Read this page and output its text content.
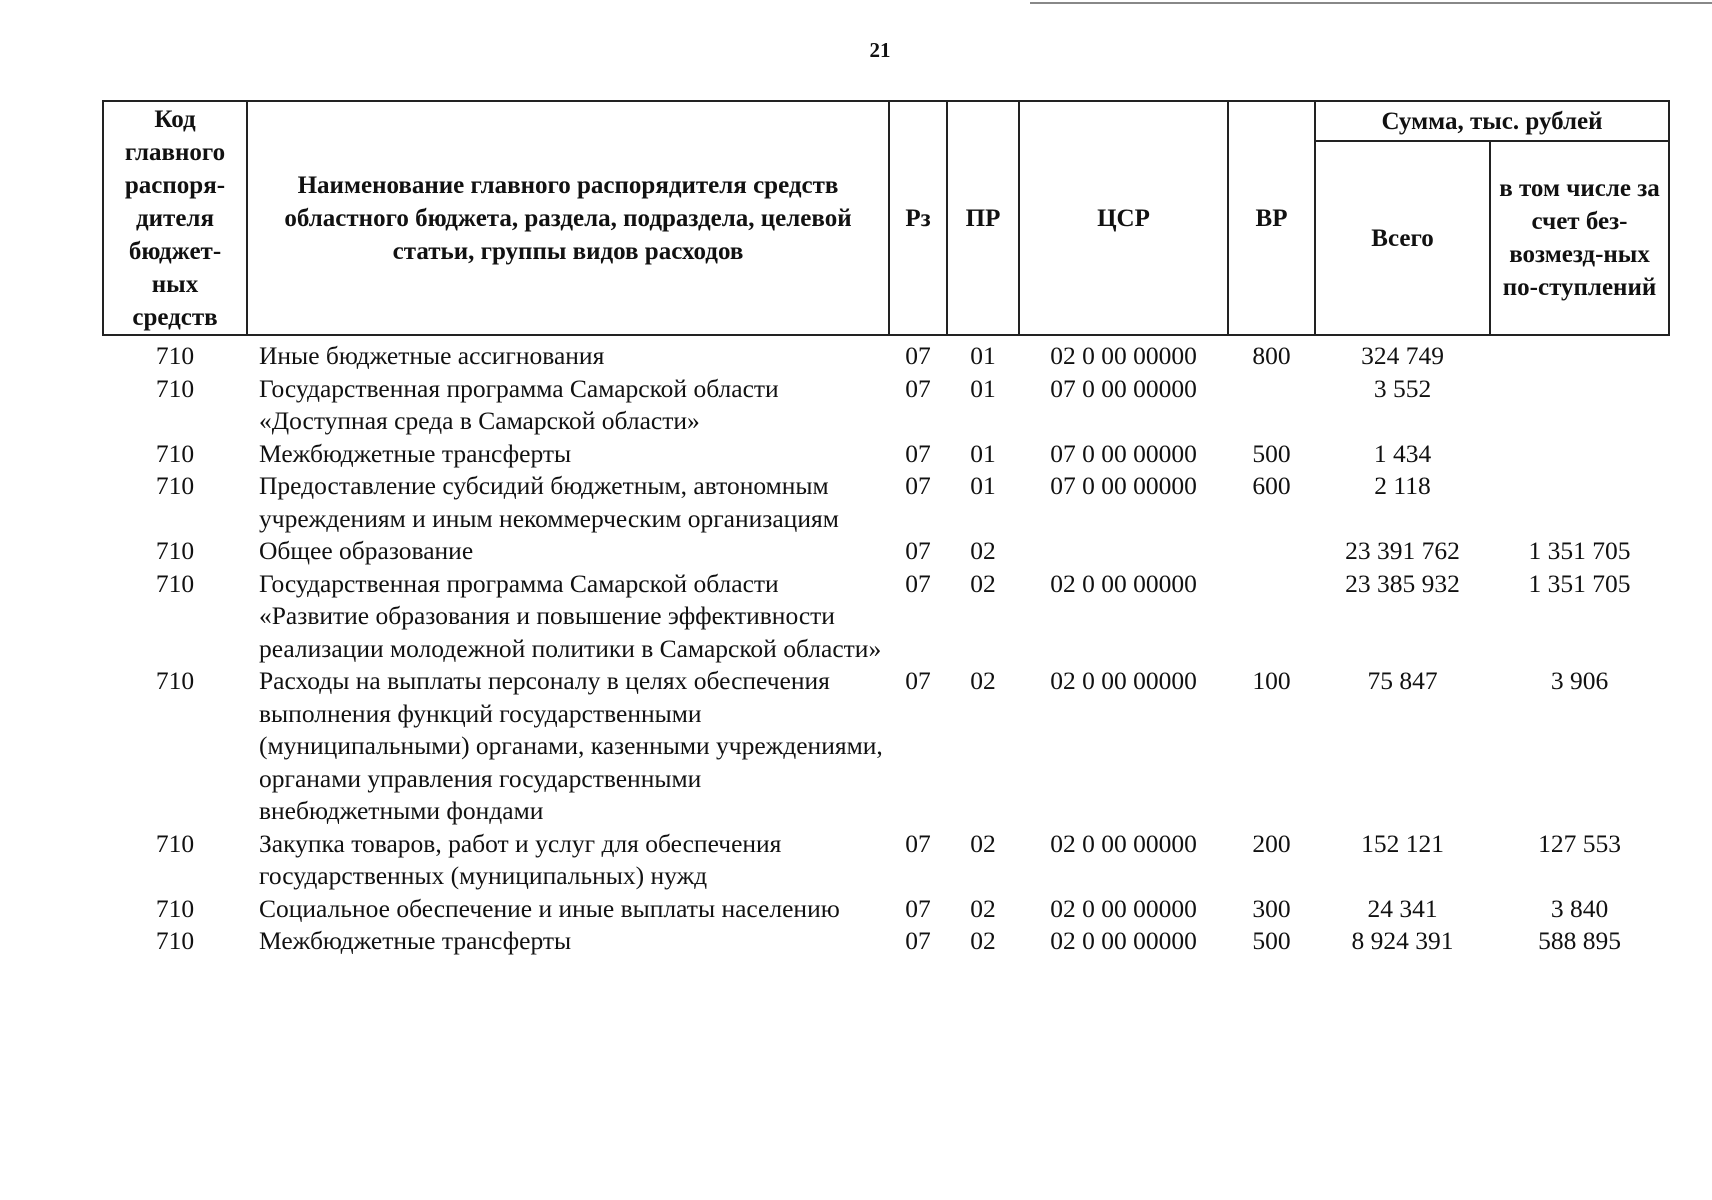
21
Код главного распоря-дителя бюджет-ных средств	Наименование главного распорядителя средств областного бюджета, раздела, подраздела, целевой статьи, группы видов расходов	Рз	ПР	ЦСР	ВР	Сумма, тыс. рублей	
						Всего	в том числе за счет без-возмезд-ных по-ступлений
710	Иные бюджетные ассигнования	07	01	02 0 00 00000	800	324 749	
710	Государственная программа Самарской области «Доступная среда в Самарской области»	07	01	07 0 00 00000		3 552	
710	Межбюджетные трансферты	07	01	07 0 00 00000	500	1 434	
710	Предоставление субсидий бюджетным, автономным учреждениям и иным некоммерческим организациям	07	01	07 0 00 00000	600	2 118	
710	Общее образование	07	02			23 391 762	1 351 705
710	Государственная программа Самарской области «Развитие образования и повышение эффективности реализации молодежной политики в Самарской области»	07	02	02 0 00 00000		23 385 932	1 351 705
710	Расходы на выплаты персоналу в целях обеспечения выполнения функций государственными (муниципальными) органами, казенными учреждениями, органами управления государственными внебюджетными фондами	07	02	02 0 00 00000	100	75 847	3 906
710	Закупка товаров, работ и услуг для обеспечения государственных (муниципальных) нужд	07	02	02 0 00 00000	200	152 121	127 553
710	Социальное обеспечение и иные выплаты населению	07	02	02 0 00 00000	300	24 341	3 840
710	Межбюджетные трансферты	07	02	02 0 00 00000	500	8 924 391	588 895
